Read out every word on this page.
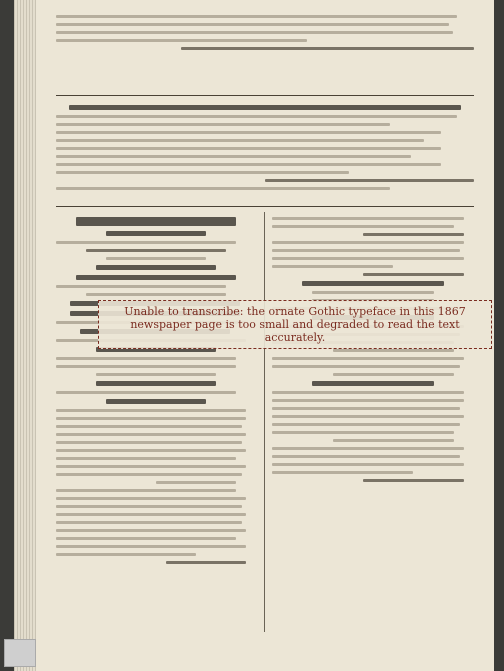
Unable to transcribe: the ornate Gothic typeface in this 1867 newspaper page is too small and degraded to read the text accurately.
